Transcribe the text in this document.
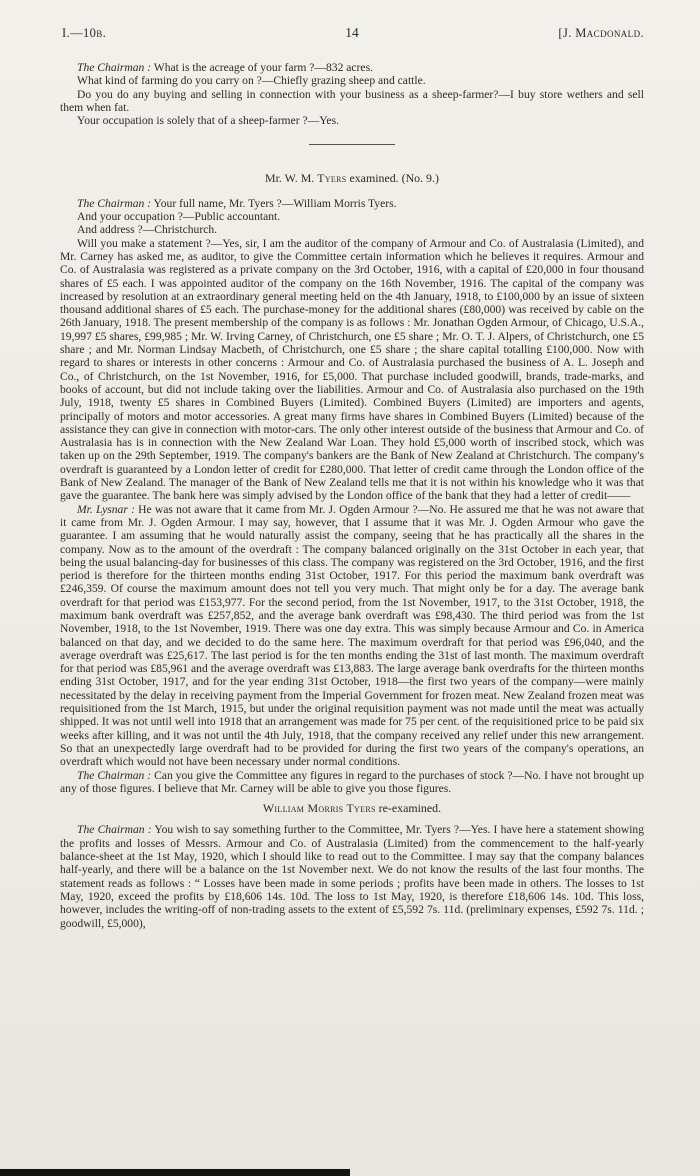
I.—10b.	14	[J. Macdonald.

The Chairman : What is the acreage of your farm ?—832 acres.

What kind of farming do you carry on ?—Chiefly grazing sheep and cattle.

Do you do any buying and selling in connection with your business as a sheep-farmer?—I buy store wethers and sell them when fat.

Your occupation is solely that of a sheep-farmer ?—Yes.

Mr. W. M. Tyers examined. (No. 9.)

The Chairman : Your full name, Mr. Tyers ?—William Morris Tyers.

And your occupation ?—Public accountant.

And address ?—Christchurch.

Will you make a statement ?—Yes, sir, I am the auditor of the company of Armour and Co. of Australasia (Limited), and Mr. Carney has asked me, as auditor, to give the Committee certain information which he believes it requires. Armour and Co. of Australasia was registered as a private company on the 3rd October, 1916, with a capital of £20,000 in four thousand shares of £5 each. I was appointed auditor of the company on the 16th November, 1916. The capital of the company was increased by resolution at an extraordinary general meeting held on the 4th January, 1918, to £100,000 by an issue of sixteen thousand additional shares of £5 each. The purchase-money for the additional shares (£80,000) was received by cable on the 26th January, 1918. The present membership of the company is as follows : Mr. Jonathan Ogden Armour, of Chicago, U.S.A., 19,997 £5 shares, £99,985 ; Mr. W. Irving Carney, of Christchurch, one £5 share ; Mr. O. T. J. Alpers, of Christchurch, one £5 share ; and Mr. Norman Lindsay Macbeth, of Christchurch, one £5 share ; the share capital totalling £100,000. Now with regard to shares or interests in other concerns : Armour and Co. of Australasia purchased the business of A. L. Joseph and Co., of Christchurch, on the 1st November, 1916, for £5,000. That purchase included goodwill, brands, trade-marks, and books of account, but did not include taking over the liabilities. Armour and Co. of Australasia also purchased on the 19th July, 1918, twenty £5 shares in Combined Buyers (Limited). Combined Buyers (Limited) are importers and agents, principally of motors and motor accessories. A great many firms have shares in Combined Buyers (Limited) because of the assistance they can give in connection with motor-cars. The only other interest outside of the business that Armour and Co. of Australasia has is in connection with the New Zealand War Loan. They hold £5,000 worth of inscribed stock, which was taken up on the 29th September, 1919. The company's bankers are the Bank of New Zealand at Christchurch. The company's overdraft is guaranteed by a London letter of credit for £280,000. That letter of credit came through the London office of the Bank of New Zealand. The manager of the Bank of New Zealand tells me that it is not within his knowledge who it was that gave the guarantee. The bank here was simply advised by the London office of the bank that they had a letter of credit——

Mr. Lysnar : He was not aware that it came from Mr. J. Ogden Armour ?—No. He assured me that he was not aware that it came from Mr. J. Ogden Armour. I may say, however, that I assume that it was Mr. J. Ogden Armour who gave the guarantee. I am assuming that he would naturally assist the company, seeing that he has practically all the shares in the company. Now as to the amount of the overdraft : The company balanced originally on the 31st October in each year, that being the usual balancing-day for businesses of this class. The company was registered on the 3rd October, 1916, and the first period is therefore for the thirteen months ending 31st October, 1917. For this period the maximum bank overdraft was £246,359. Of course the maximum amount does not tell you very much. That might only be for a day. The average bank overdraft for that period was £153,977. For the second period, from the 1st November, 1917, to the 31st October, 1918, the maximum bank overdraft was £257,852, and the average bank overdraft was £98,430. The third period was from the 1st November, 1918, to the 1st November, 1919. There was one day extra. This was simply because Armour and Co. in America balanced on that day, and we decided to do the same here. The maximum overdraft for that period was £96,040, and the average overdraft was £25,617. The last period is for the ten months ending the 31st of last month. The maximum overdraft for that period was £85,961 and the average overdraft was £13,883. The large average bank overdrafts for the thirteen months ending 31st October, 1917, and for the year ending 31st October, 1918—the first two years of the company—were mainly necessitated by the delay in receiving payment from the Imperial Government for frozen meat. New Zealand frozen meat was requisitioned from the 1st March, 1915, but under the original requisition payment was not made until the meat was actually shipped. It was not until well into 1918 that an arrangement was made for 75 per cent. of the requisitioned price to be paid six weeks after killing, and it was not until the 4th July, 1918, that the company received any relief under this new arrangement. So that an unexpectedly large overdraft had to be provided for during the first two years of the company's operations, an overdraft which would not have been necessary under normal conditions.

The Chairman : Can you give the Committee any figures in regard to the purchases of stock ?—No. I have not brought up any of those figures. I believe that Mr. Carney will be able to give you those figures.

William Morris Tyers re-examined.

The Chairman : You wish to say something further to the Committee, Mr. Tyers ?—Yes. I have here a statement showing the profits and losses of Messrs. Armour and Co. of Australasia (Limited) from the commencement to the half-yearly balance-sheet at the 1st May, 1920, which I should like to read out to the Committee. I may say that the company balances half-yearly, and there will be a balance on the 1st November next. We do not know the results of the last four months. The statement reads as follows : “ Losses have been made in some periods ; profits have been made in others. The losses to 1st May, 1920, exceed the profits by £18,606 14s. 10d. The loss to 1st May, 1920, is therefore £18,606 14s. 10d. This loss, however, includes the writing-off of non-trading assets to the extent of £5,592 7s. 11d. (preliminary expenses, £592 7s. 11d. ; goodwill, £5,000),
